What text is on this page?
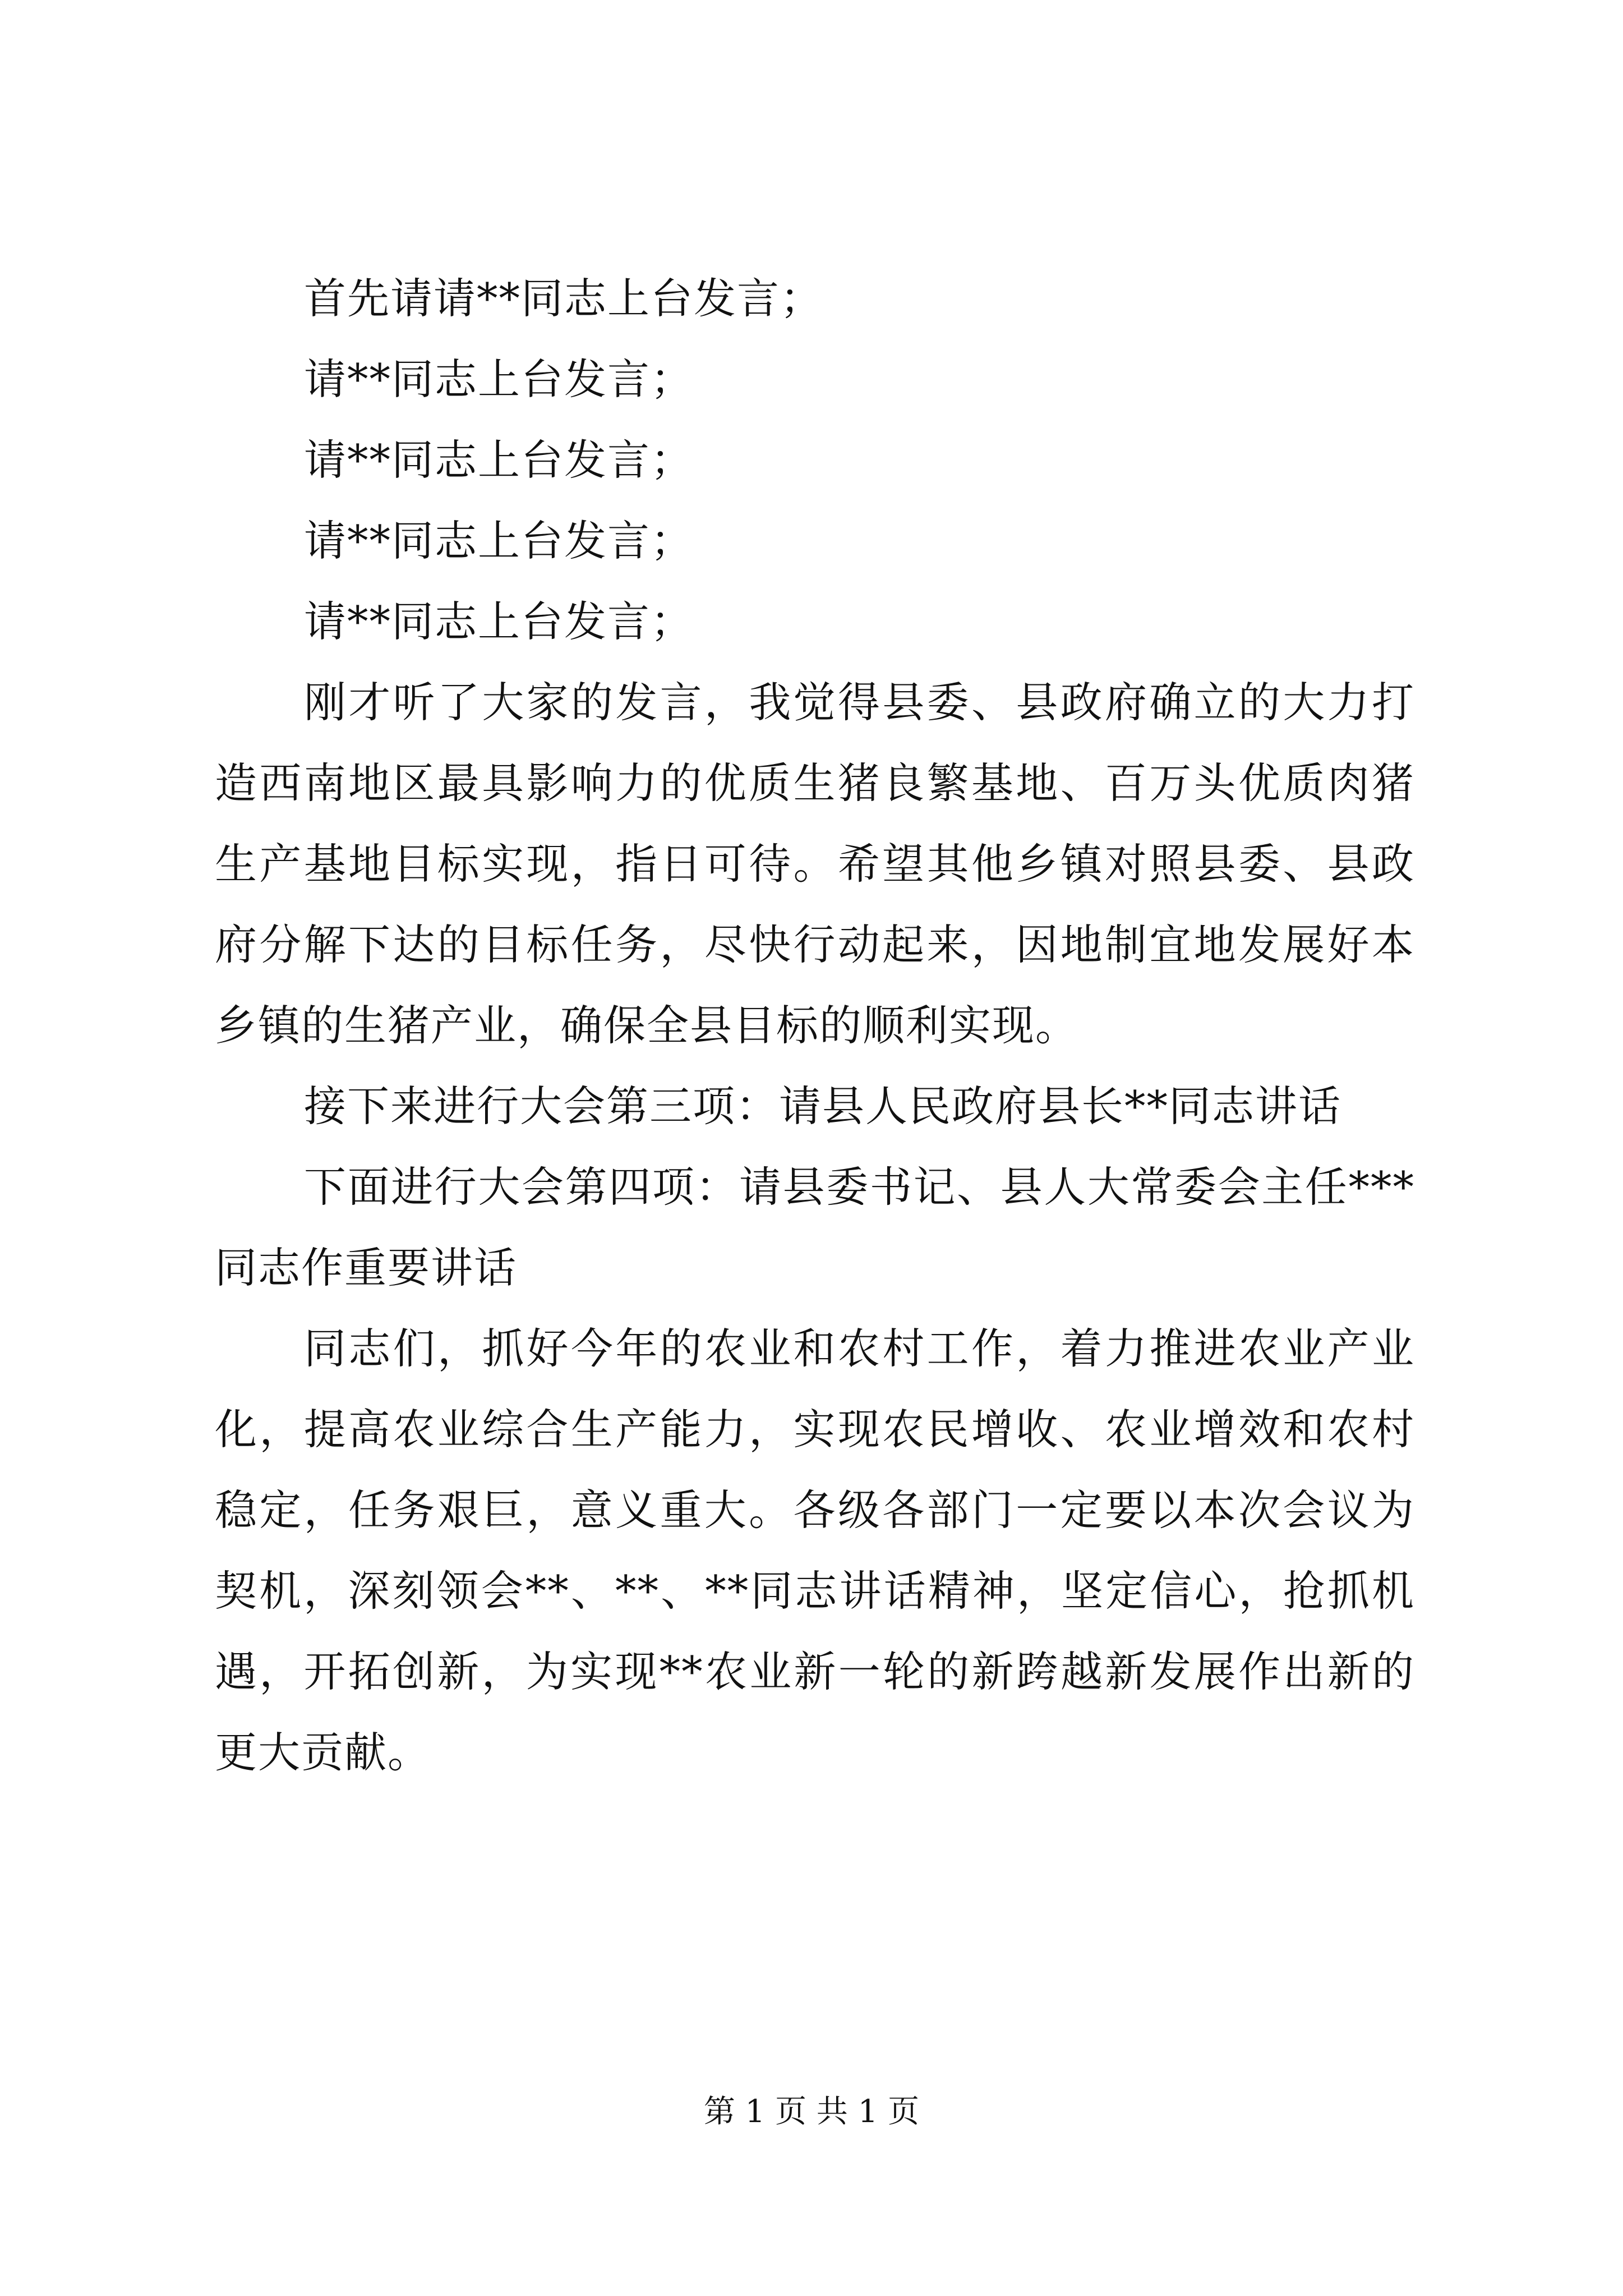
首先请请**同志上台发言；

请**同志上台发言；

请**同志上台发言；

请**同志上台发言；

请**同志上台发言；

刚才听了大家的发言，我觉得县委、县政府确立的大力打造西南地区最具影响力的优质生猪良繁基地、百万头优质肉猪生产基地目标实现，指日可待。希望其他乡镇对照县委、县政府分解下达的目标任务，尽快行动起来，因地制宜地发展好本乡镇的生猪产业，确保全县目标的顺利实现。

接下来进行大会第三项：请县人民政府县长**同志讲话

下面进行大会第四项：请县委书记、县人大常委会主任***同志作重要讲话

同志们，抓好今年的农业和农村工作，着力推进农业产业化，提高农业综合生产能力，实现农民增收、农业增效和农村稳定，任务艰巨，意义重大。各级各部门一定要以本次会议为契机，深刻领会**、**、**同志讲话精神，坚定信心，抢抓机遇，开拓创新，为实现**农业新一轮的新跨越新发展作出新的更大贡献。

第 1 页 共 1 页
